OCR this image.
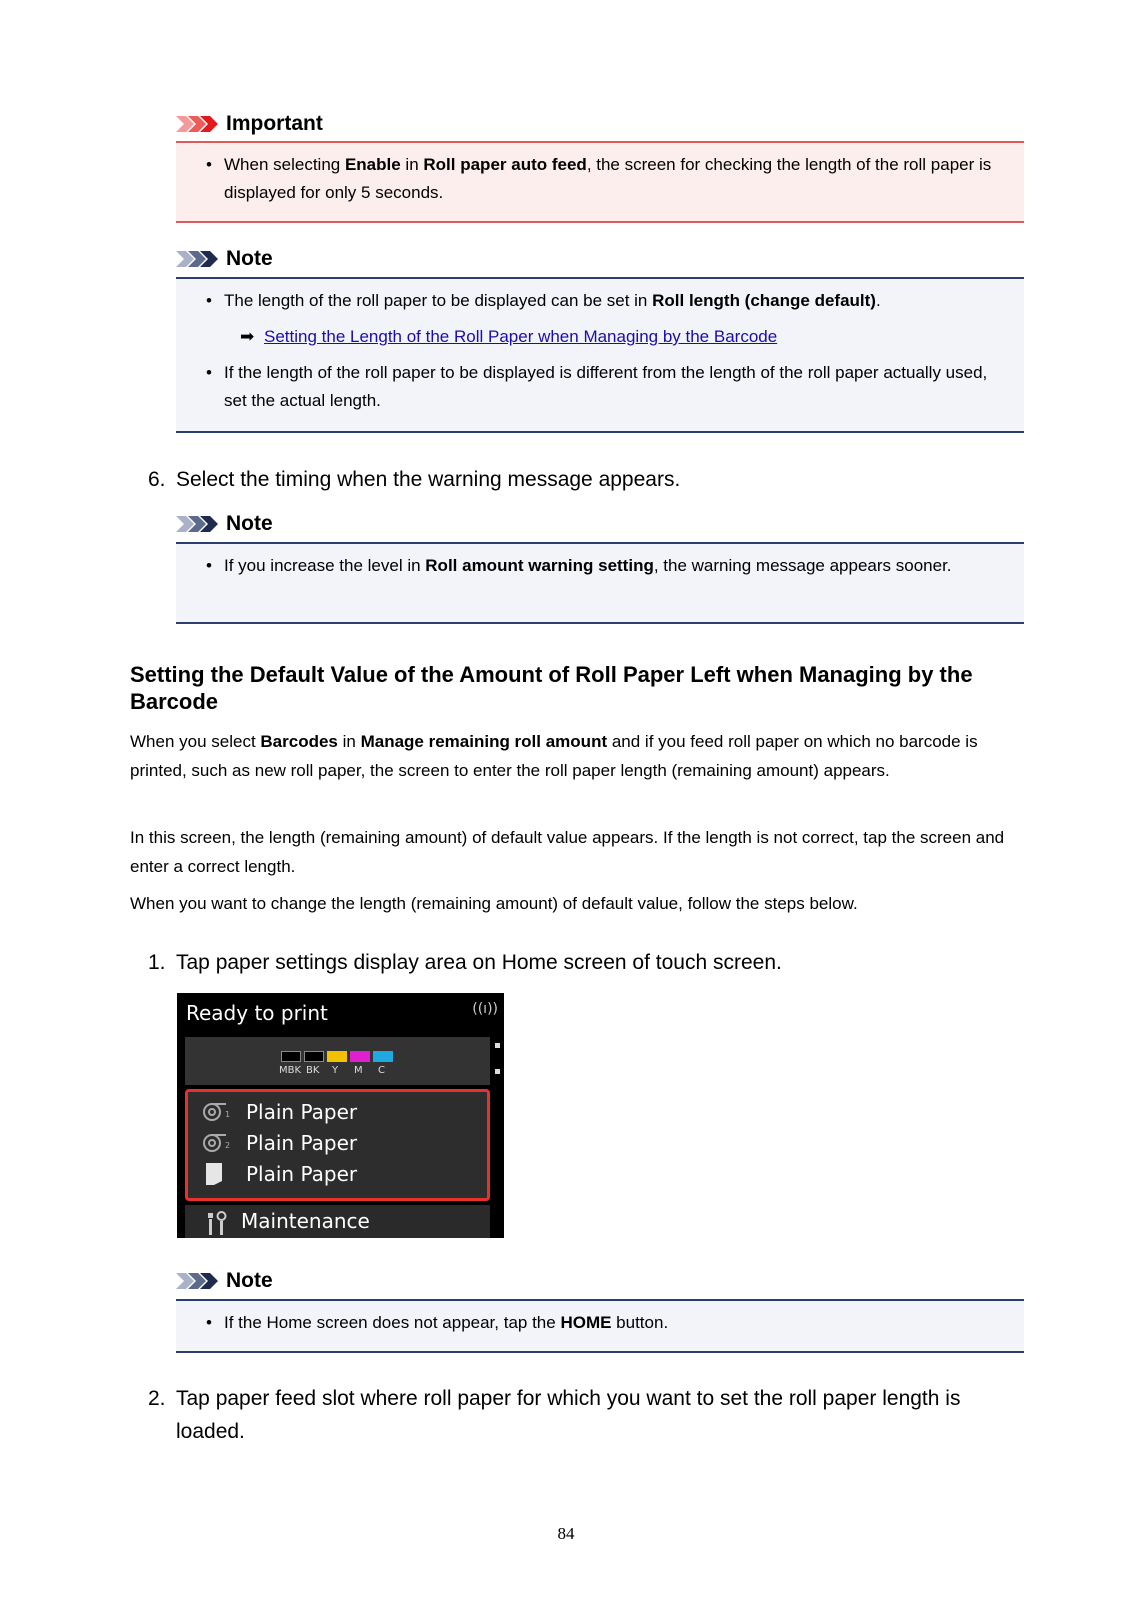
Important
• When selecting Enable in Roll paper auto feed, the screen for checking the length of the roll paper is displayed for only 5 seconds.
Note
• The length of the roll paper to be displayed can be set in Roll length (change default).
➡ Setting the Length of the Roll Paper when Managing by the Barcode
• If the length of the roll paper to be displayed is different from the length of the roll paper actually used, set the actual length.
6. Select the timing when the warning message appears.
Note
• If you increase the level in Roll amount warning setting, the warning message appears sooner.
Setting the Default Value of the Amount of Roll Paper Left when Managing by the Barcode
When you select Barcodes in Manage remaining roll amount and if you feed roll paper on which no barcode is printed, such as new roll paper, the screen to enter the roll paper length (remaining amount) appears.
In this screen, the length (remaining amount) of default value appears. If the length is not correct, tap the screen and enter a correct length.
When you want to change the length (remaining amount) of default value, follow the steps below.
1. Tap paper settings display area on Home screen of touch screen.
Ready to print	((ı))
MBK BK Y M C
1 Plain Paper
2 Plain Paper
Plain Paper
Maintenance
Note
• If the Home screen does not appear, tap the HOME button.
2. Tap paper feed slot where roll paper for which you want to set the roll paper length is loaded.
84
